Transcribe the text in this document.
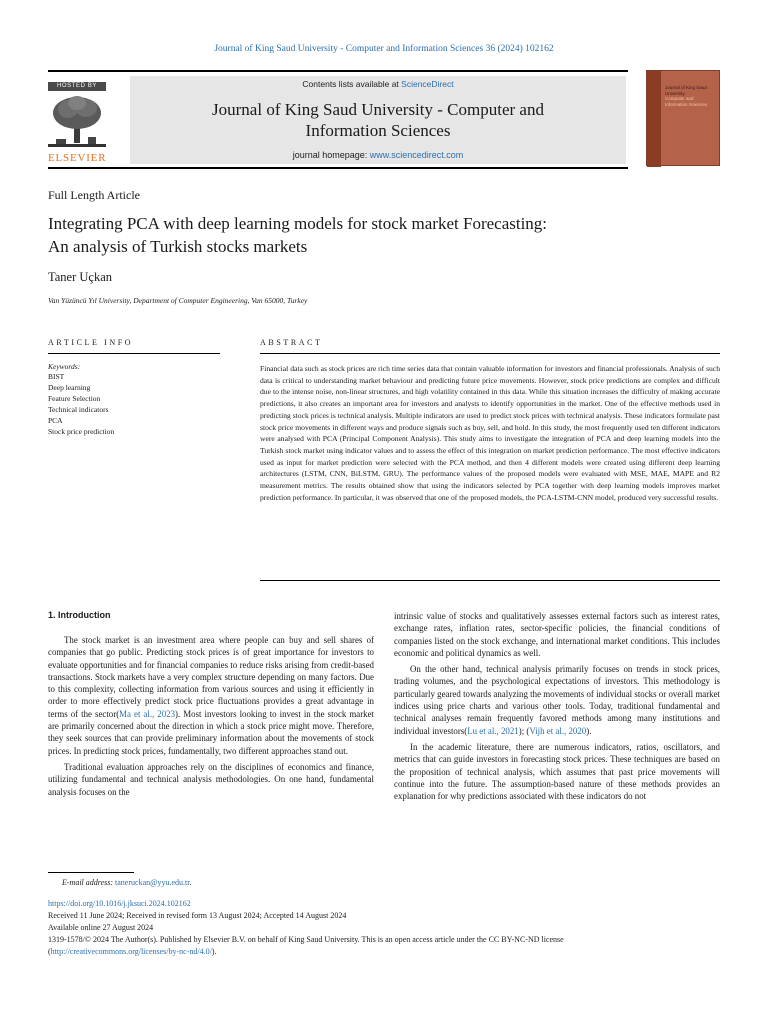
Journal of King Saud University - Computer and Information Sciences 36 (2024) 102162
HOSTED BY
ELSEVIER
Contents lists available at ScienceDirect
Journal of King Saud University - Computer and
Information Sciences
journal homepage: www.sciencedirect.com
Journal of King Saud University
Computer and Information Sciences
Full Length Article
Integrating PCA with deep learning models for stock market Forecasting:
An analysis of Turkish stocks markets
Taner Uçkan
Van Yüzüncü Yıl University, Department of Computer Engineering, Van 65000, Turkey
ARTICLE INFO
Keywords:
BIST
Deep learning
Feature Selection
Technical indicators
PCA
Stock price prediction
ABSTRACT

Financial data such as stock prices are rich time series data that contain valuable information for investors and financial professionals. Analysis of such data is critical to understanding market behaviour and predicting future price movements. However, stock price predictions are complex and difficult due to the intense noise, non-linear structures, and high volatility contained in this data. While this situation increases the difficulty of making accurate predictions, it also creates an important area for investors and analysts to identify opportunities in the market. One of the effective methods used in predicting stock prices is technical analysis. Multiple indicators are used to predict stock prices with technical analysis. These indicators formulate past stock price movements in different ways and produce signals such as buy, sell, and hold. In this study, the most frequently used ten different indicators were analysed with PCA (Principal Component Analysis). This study aims to investigate the integration of PCA and deep learning models into the Turkish stock market using indicator values and to assess the effect of this integration on market prediction performance. The most effective indicators used as input for market prediction were selected with the PCA method, and then 4 different models were created using different deep learning architectures (LSTM, CNN, BiLSTM, GRU). The performance values of the proposed models were evaluated with MSE, MAE, MAPE and R2 measurement metrics. The results obtained show that using the indicators selected by PCA together with deep learning models improves market prediction performance. In particular, it was observed that one of the proposed models, the PCA-LSTM-CNN model, produced very successful results.

1. Introduction

The stock market is an investment area where people can buy and sell shares of companies that go public. Predicting stock prices is of great importance for investors to evaluate opportunities and for financial companies to reduce risks arising from credit-based transactions. Stock markets have a very complex structure depending on many factors. Due to this complexity, collecting information from various sources and using it efficiently in order to more effectively predict stock price fluctuations provides a great advantage in terms of the sector(Ma et al., 2023). Most investors looking to invest in the stock market are primarily concerned about the direction in which a stock price might move. Therefore, they seek sources that can provide preliminary information about the movements of stock prices. In predicting stock prices, fundamentally, two different approaches stand out.

Traditional evaluation approaches rely on the disciplines of economics and finance, utilizing fundamental and technical analysis methodologies. On one hand, fundamental analysis focuses on the

intrinsic value of stocks and qualitatively assesses external factors such as interest rates, exchange rates, inflation rates, sector-specific policies, the financial conditions of companies listed on the stock exchange, and international market conditions. This includes economic and political dynamics as well.

On the other hand, technical analysis primarily focuses on trends in stock prices, trading volumes, and the psychological expectations of investors. This methodology is particularly geared towards analyzing the movements of individual stocks or overall market indices using price charts and various other tools. Today, traditional fundamental and technical analyses remain frequently favored methods among many institutions and individual investors(Lu et al., 2021); (Vijh et al., 2020).

In the academic literature, there are numerous indicators, ratios, oscillators, and metrics that can guide investors in forecasting stock prices. These techniques are based on the proposition of technical analysis, which assumes that past price movements will continue into the future. The assumption-based nature of these methods provides an explanation for why predictions associated with these indicators do not

E-mail address: taneruckan@yyu.edu.tr.
https://doi.org/10.1016/j.jksuci.2024.102162
Received 11 June 2024; Received in revised form 13 August 2024; Accepted 14 August 2024
Available online 27 August 2024
1319-1578/© 2024 The Author(s). Published by Elsevier B.V. on behalf of King Saud University. This is an open access article under the CC BY-NC-ND license
(http://creativecommons.org/licenses/by-nc-nd/4.0/).
